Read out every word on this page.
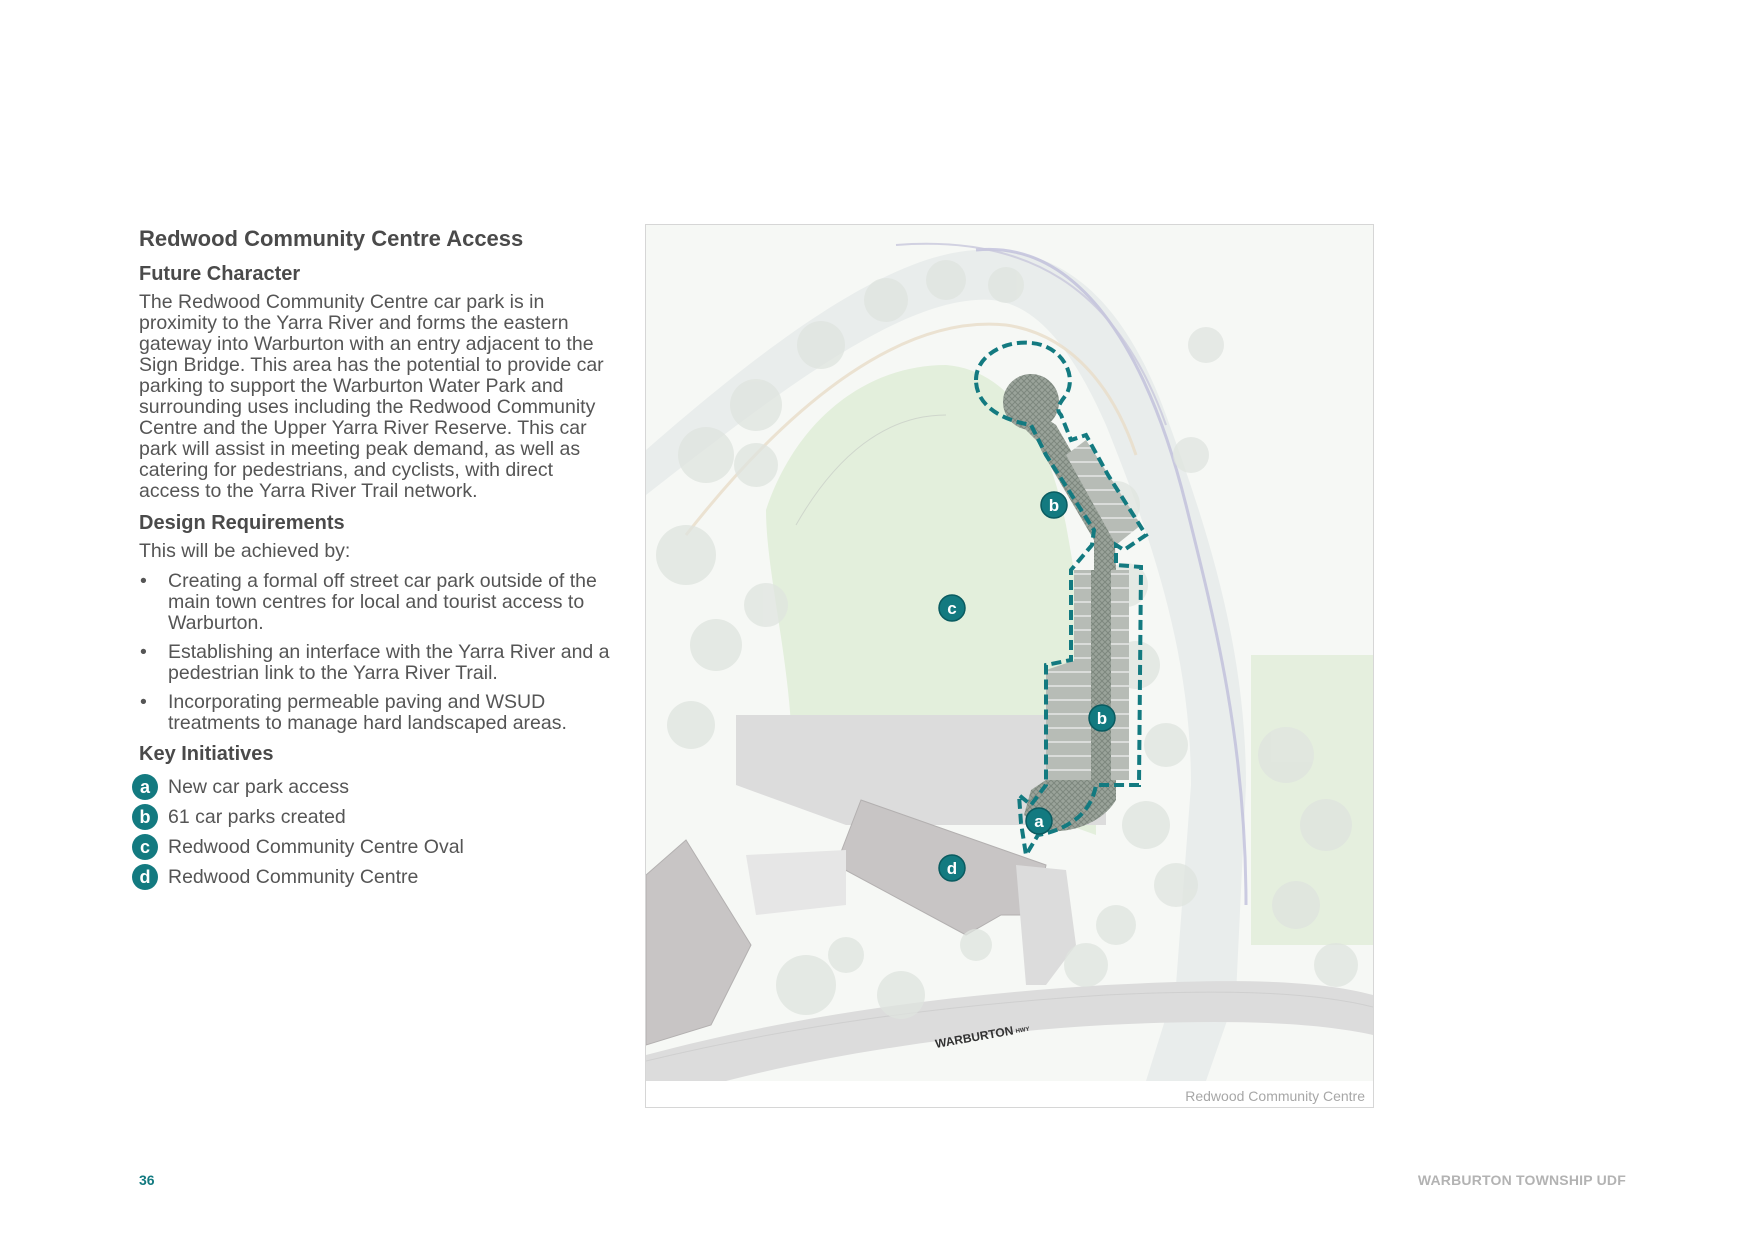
Redwood Community Centre Access
Future Character

The Redwood Community Centre car park is in proximity to the Yarra River and forms the eastern gateway into Warburton with an entry adjacent to the Sign Bridge. This area has the potential to provide car parking to support the Warburton Water Park and surrounding uses including the Redwood Community Centre and the Upper Yarra River Reserve. This car park will assist in meeting peak demand, as well as catering for pedestrians, and cyclists, with direct access to the Yarra River Trail network.

Design Requirements

This will be achieved by:

• Creating a formal off street car park outside of the main town centres for local and tourist access to Warburton.
• Establishing an interface with the Yarra River and a pedestrian link to the Yarra River Trail.
• Incorporating permeable paving and WSUD treatments to manage hard landscaped areas.
Key Initiatives
a New car park access
b 61 car parks created
c Redwood Community Centre Oval
d Redwood Community Centre
WARBURTON HWY
a
b
b
c
d
Redwood Community Centre
36	WARBURTON TOWNSHIP UDF
